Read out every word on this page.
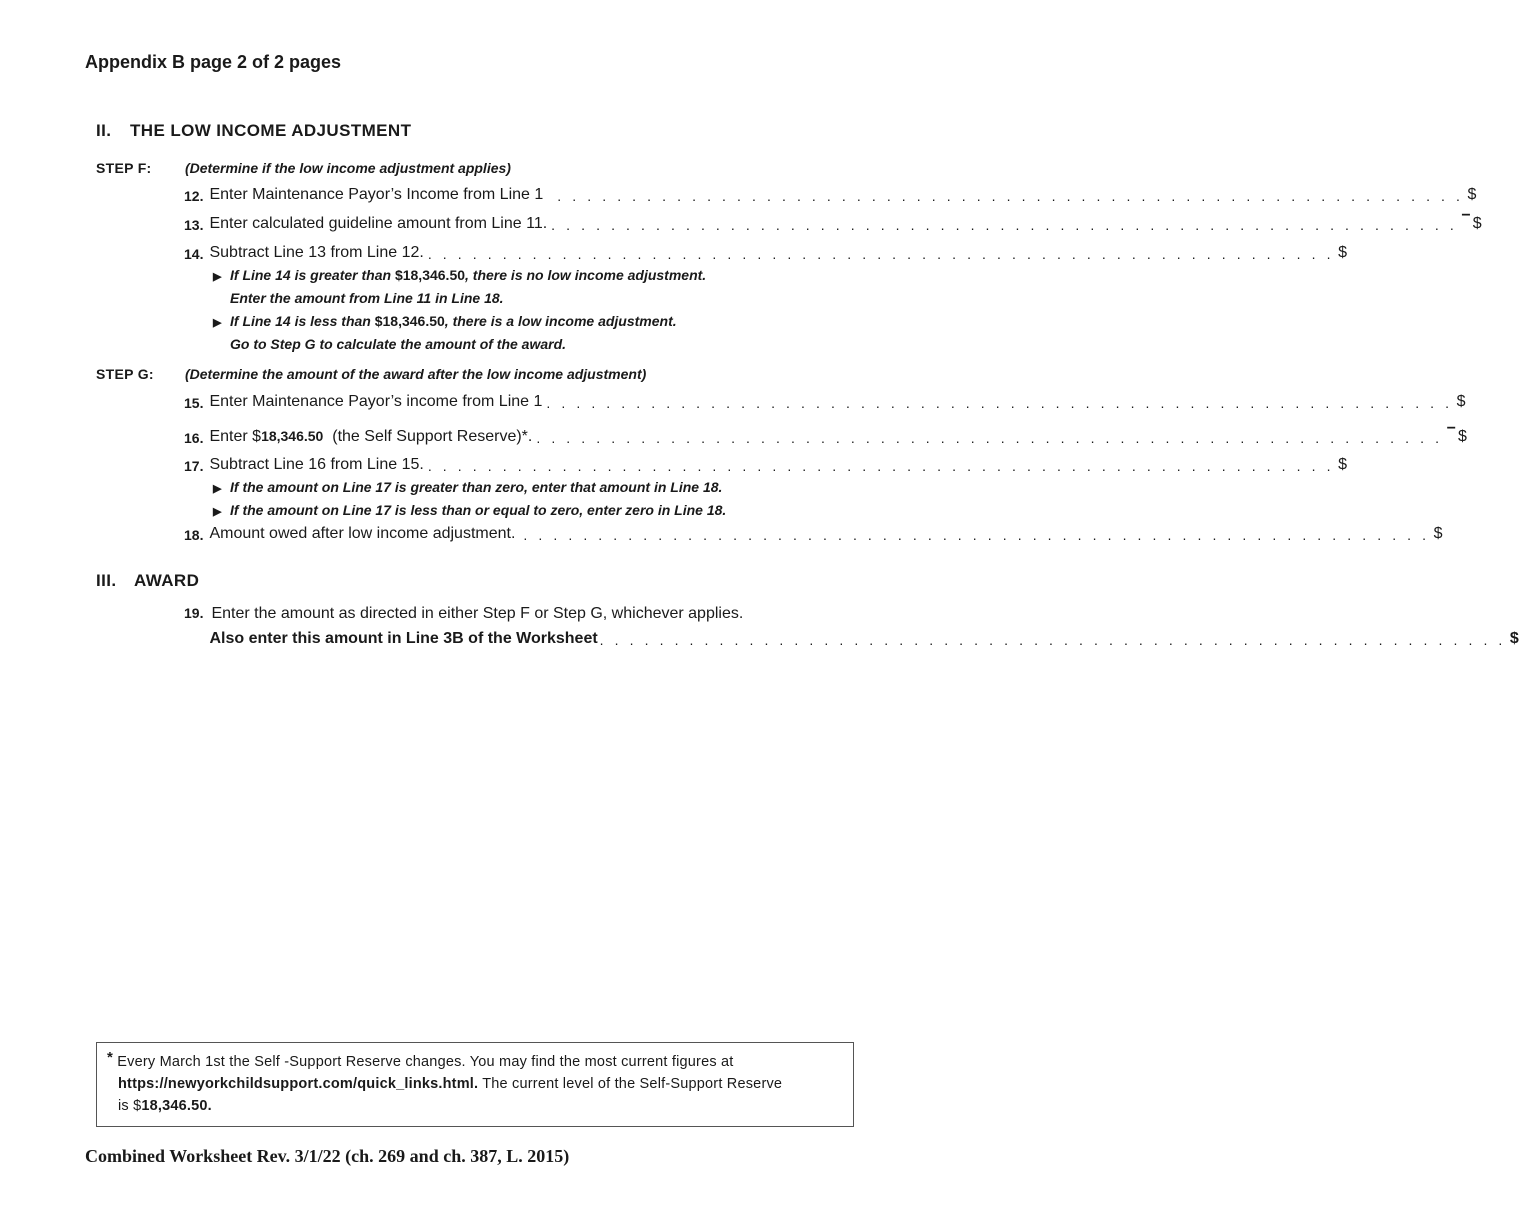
Appendix B page 2 of 2 pages
II. THE LOW INCOME ADJUSTMENT
STEP F: (Determine if the low income adjustment applies)
12. Enter Maintenance Payor’s Income from Line 1 . . . . . . . . . . . . . . . . . . . . . . . . . . . . . . . . . . . . . . . . . . . . . . . . . . . . . . . . . . . . . $
13. Enter calculated guideline amount from Line 11. . . . . . . . . . . . . . . . . . . . . . . . . . . . . . . . . . . . . . . . . . . . . . . . . . . . . . . . . . . . . .
− $
14. Subtract Line 13 from Line 12. . . . . . . . . . . . . . . . . . . . . . . . . . . . . . . . . . . . . . . . . . . . . . . . . . . . . . . . . . . . . . $
▶ If Line 14 is greater than $18,346.50, there is no low income adjustment.
Enter the amount from Line 11 in Line 18.
▶ If Line 14 is less than $18,346.50, there is a low income adjustment.
Go to Step G to calculate the amount of the award.
STEP G: (Determine the amount of the award after the low income adjustment)
15. Enter Maintenance Payor’s income from Line 1 . . . . . . . . . . . . . . . . . . . . . . . . . . . . . . . . . . . . . . . . . . . . . . . . . . . . . . . . . . . . . $
16. Enter $18,346.50 (the Self Support Reserve)*. . . . . . . . . . . . . . . . . . . . . . . . . . . . . . . . . . . . . . . . . . . . . . . . . . . . . . . . . . . . . .
− $
17. Subtract Line 16 from Line 15. . . . . . . . . . . . . . . . . . . . . . . . . . . . . . . . . . . . . . . . . . . . . . . . . . . . . . . . . . . . . . $
▶ If the amount on Line 17 is greater than zero, enter that amount in Line 18.
▶ If the amount on Line 17 is less than or equal to zero, enter zero in Line 18.
18. Amount owed after low income adjustment. . . . . . . . . . . . . . . . . . . . . . . . . . . . . . . . . . . . . . . . . . . . . . . . . . . . . . . . . . . . . . $
III. AWARD
19. Enter the amount as directed in either Step F or Step G, whichever applies.
Also enter this amount in Line 3B of the Worksheet . . . . . . . . . . . . . . . . . . . . . . . . . . . . . . . . . . . . . . . . . . . . . . . . . . . . . . . . . . . . . $
* Every March 1st the Self -Support Reserve changes. You may find the most current figures at
https://newyorkchildsupport.com/quick_links.html. The current level of the Self-Support Reserve
is $18,346.50.
Combined Worksheet Rev. 3/1/22 (ch. 269 and ch. 387, L. 2015)
